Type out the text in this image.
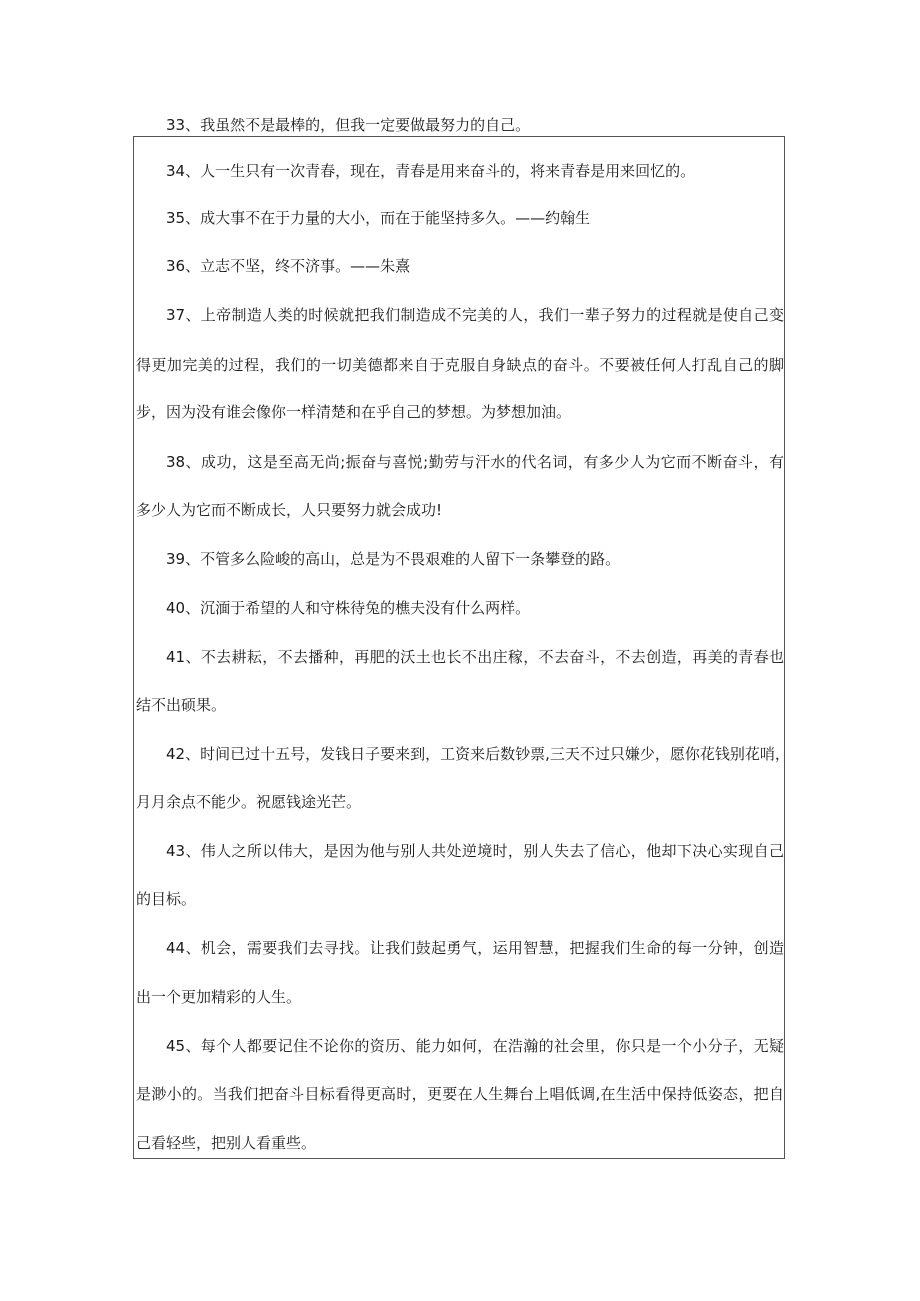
33、我虽然不是最棒的，但我一定要做最努力的自己。
34、人一生只有一次青春，现在，青春是用来奋斗的，将来青春是用来回忆的。
35、成大事不在于力量的大小，而在于能坚持多久。——约翰生
36、立志不坚，终不济事。——朱熹
37、上帝制造人类的时候就把我们制造成不完美的人，我们一辈子努力的过程就是使自己变
得更加完美的过程，我们的一切美德都来自于克服自身缺点的奋斗。不要被任何人打乱自己的脚
步，因为没有谁会像你一样清楚和在乎自己的梦想。为梦想加油。
38、成功，这是至高无尚;振奋与喜悦;勤劳与汗水的代名词，有多少人为它而不断奋斗，有
多少人为它而不断成长，人只要努力就会成功!
39、不管多么险峻的高山，总是为不畏艰难的人留下一条攀登的路。
40、沉湎于希望的人和守株待兔的樵夫没有什么两样。
41、不去耕耘，不去播种，再肥的沃土也长不出庄稼，不去奋斗，不去创造，再美的青春也
结不出硕果。
42、时间已过十五号，发钱日子要来到，工资来后数钞票,三天不过只嫌少，愿你花钱别花哨，
月月余点不能少。祝愿钱途光芒。
43、伟人之所以伟大，是因为他与别人共处逆境时，别人失去了信心，他却下决心实现自己
的目标。
44、机会，需要我们去寻找。让我们鼓起勇气，运用智慧，把握我们生命的每一分钟，创造
出一个更加精彩的人生。
45、每个人都要记住不论你的资历、能力如何，在浩瀚的社会里，你只是一个小分子，无疑
是渺小的。当我们把奋斗目标看得更高时，更要在人生舞台上唱低调,在生活中保持低姿态，把自
己看轻些，把别人看重些。
